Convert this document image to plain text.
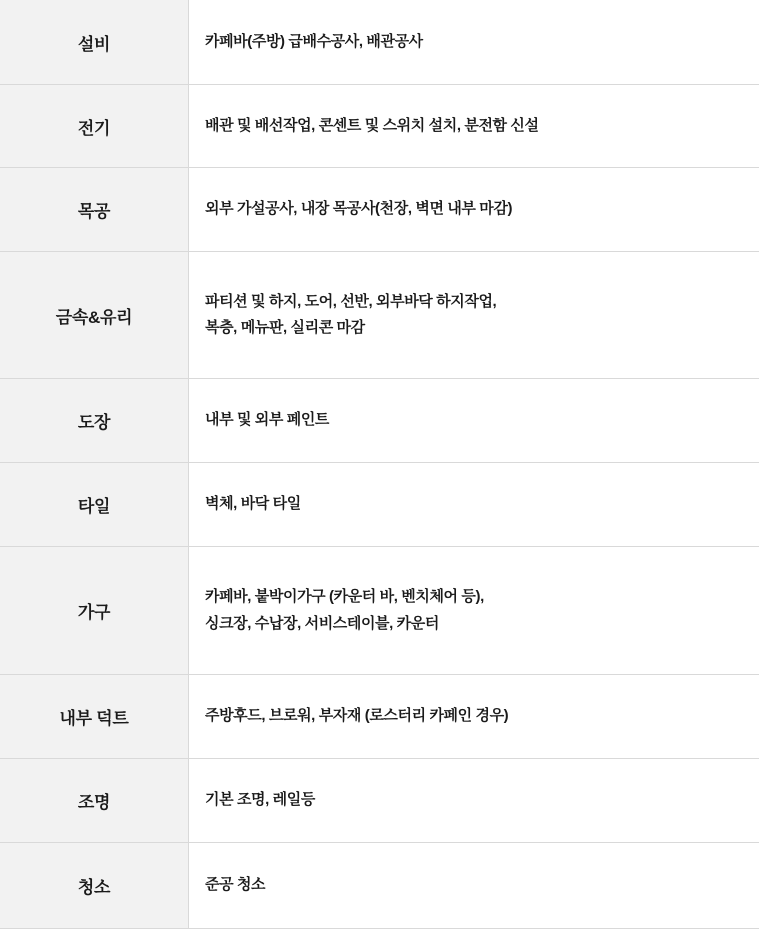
설비	카페바(주방) 급배수공사, 배관공사

전기	배관 및 배선작업, 콘센트 및 스위치 설치, 분전함 신설

목공	외부 가설공사, 내장 목공사(천장, 벽면 내부 마감)

금속&유리	파티션 및 하지, 도어, 선반, 외부바닥 하지작업,
복층, 메뉴판, 실리콘 마감

도장	내부 및 외부 페인트

타일	벽체, 바닥 타일

가구	카페바, 붙박이가구 (카운터 바, 벤치체어 등),
싱크장, 수납장, 서비스테이블, 카운터

내부 덕트	주방후드, 브로워, 부자재 (로스터리 카페인 경우)

조명	기본 조명, 레일등

청소	준공 청소
